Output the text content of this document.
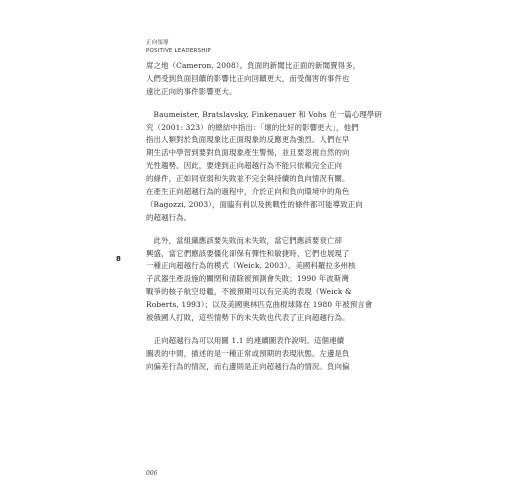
正向領導
POSITIVE LEADERSHIP
8
席之地（Cameron, 2008）。負面的新聞比正面的新聞賣得多，
人們受到負面回饋的影響比正向回饋更大，而受傷害的事件也
遠比正向的事件影響更大。
　Baumeister, Bratslavsky, Finkenauer 和 Vohs 在一篇心理學研
究（2001: 323）的總結中指出：「壞的比好的影響更大」，他們
指出人類對於負面現象比正面現象的反應更為強烈。人們在早
期生活中學習到要對負面現象產生警惕，並且要忽視自然的向
光性趨勢。因此，要達到正向超越行為不能只依賴完全正向
的條件，正如同衰弱和失敗並不完全與持續的負向情況有關。
在產生正向超越行為的過程中，介於正向和負向環境中的角色
（Bagozzi, 2003），面臨有利以及挑戰性的條件都可能導致正向
的超越行為。
　此外，當組織應該要失敗而未失敗，當它們應該要衰亡卻
興盛，當它們應該要僵化卻保有彈性和敏捷時，它們也展現了
一種正向超越行為的模式（Weick, 2003）。美國科羅拉多州核
子武器生產設施的關閉和清除被預測會失敗；1990 年波斯灣
戰爭的核子航空母艦，不被預期可以有完美的表現（Weick &
Roberts, 1993）；以及美國奧林匹克曲棍球隊在 1980 年被預言會
被俄國人打敗，這些情勢下的未失敗也代表了正向超越行為。
　正向超越行為可以用圖 1.1 的連續圖表作說明。這個連續
圖表的中間，描述的是一種正常或預期的表現狀態。左邊是負
向偏差行為的情況，而右邊則是正向超越行為的情況。負向偏
006
